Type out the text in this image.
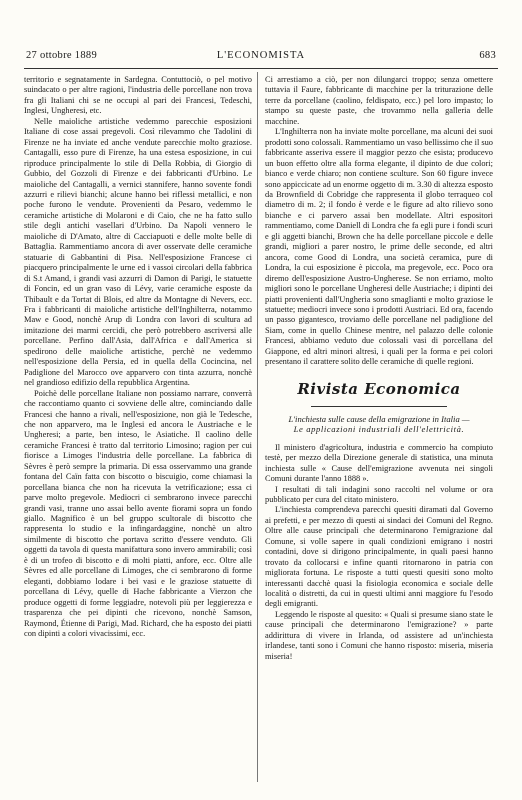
27 ottobre 1889	L'ECONOMISTA	683

territorio e segnatamente in Sardegna. Contuttociò, o pel motivo suindacato o per altre ragioni, l'industria delle porcellane non trova fra gli Italiani chi se ne occupi al pari dei Francesi, Tedeschi, Inglesi, Ungheresi, etc.

Nelle maioliche artistiche vedemmo parecchie esposizioni Italiane di cose assai pregevoli. Così rilevammo che Tadolini di Firenze ne ha inviate ed anche vendute parecchie molto graziose. Cantagalli, esso pure di Firenze, ha una estesa esposizione, in cui riproduce principalmente lo stile di Della Robbia, di Giorgio di Gubbio, del Gozzoli di Firenze e dei fabbricanti d'Urbino. Le maioliche del Cantagalli, a vernici stannifere, hanno sovente fondi azzurri e rilievi bianchi; alcune hanno bei riflessi metallici, e non poche furono le vendute. Provenienti da Pesaro, vedemmo le ceramiche artistiche di Molaroni e di Caio, che ne ha fatto sullo stile degli antichi vasellari d'Urbino. Da Napoli vennero le maioliche di D'Amato, altre di Cacciapuoti e delle molte belle di Battaglia. Rammentiamo ancora di aver osservate delle ceramiche statuarie di Gabbantini di Pisa. Nell'esposizione Francese ci piacquero principalmente le urne ed i vassoi circolari della fabbrica di S.t Amand, i grandi vasi azzurri di Damon di Parigi, le statuette di Foncin, ed un gran vaso di Lévy, varie ceramiche esposte da Thibault e da Tortat di Blois, ed altre da Montagne di Nevers, ecc. Fra i fabbricanti di maioliche artistiche dell'Inghilterra, notammo Maw e Good, nonchè Arup di Londra con lavori di scultura ad imitazione dei marmi cercidi, che però potrebbero ascriversi alle porcellane. Perfino dall'Asia, dall'Africa e dall'America si spedirono delle maioliche artistiche, perchè ne vedemmo nell'esposizione della Persia, ed in quella della Cocincina, nel Padiglione del Marocco ove apparvero con tinta azzurra, nonchè nel grandioso edifizio della repubblica Argentina.

Poichè delle porcellane Italiane non possiamo narrare, converrà che raccontiamo quanto ci sovviene delle altre, cominciando dalle Francesi che hanno a rivali, nell'esposizione, non già le Tedesche, che non apparvero, ma le Inglesi ed ancora le Austriache e le Ungheresi; a parte, ben inteso, le Asiatiche. Il caolino delle ceramiche Francesi è tratto dal territorio Limosino; ragion per cui fiorisce a Limoges l'industria delle porcellane. La fabbrica di Sèvres è però sempre la primaria. Di essa osservammo una grande fontana del Caïn fatta con biscotto o biscuigio, come chiamasi la porcellana bianca che non ha ricevuta la vetrificazione; essa ci parve molto pregevole. Mediocri ci sembrarono invece parecchi grandi vasi, tranne uno assai bello avente fiorami sopra un fondo giallo. Magnifico è un bel gruppo scultorale di biscotto che rappresenta lo studio e la infingardaggine, nonchè un altro similmente di biscotto che portava scritto d'essere venduto. Gli oggetti da tavola di questa manifattura sono invero ammirabili; così è di un trofeo di biscotto e di molti piatti, anfore, ecc. Oltre alle Sèvres ed alle porcellane di Limoges, che ci sembrarono di forme eleganti, dobbiamo lodare i bei vasi e le graziose statuette di porcellana di Lévy, quelle di Hache fabbricante a Vierzon che produce oggetti di forme leggiadre, notevoli più per leggierezza e trasparenza che pei dipinti che ricevono, nonchè Samson, Raymond, Étienne di Parigi, Mad. Richard, che ha esposto dei piatti con dipinti a colori vivacissimi, ecc.

Ci arrestiamo a ciò, per non dilungarci troppo; senza omettere tuttavia il Faure, fabbricante di macchine per la triturazione delle terre da porcellane (caolino, feldispato, ecc.) pel loro impasto; lo stampo su queste paste, che trovammo nella galleria delle macchine.

L'Inghilterra non ha inviate molte porcellane, ma alcuni dei suoi prodotti sono colossali. Rammentiamo un vaso bellissimo che il suo fabbricante asseriva essere il maggior pezzo che esista; producevo un buon effetto oltre alla forma elegante, il dipinto de due colori; bianco e verde chiaro; non contiene sculture. Son 60 figure invece sono appiccicate ad un enorme oggetto di m. 3.30 di altezza esposto da Brownfield di Cobridge che rappresenta il globo terraqueo col diametro di m. 2; il fondo è verde e le figure ad alto rilievo sono bianche e ci parvero assai ben modellate. Altri espositori rammentiamo, come Daniell di Londra che fa egli pure i fondi scuri e gli aggetti bianchi, Brown che ha delle porcellane piccole e delle grandi, migliori a parer nostro, le prime delle seconde, ed altri ancora, come Good di Londra, una società ceramica, pure di Londra, la cui esposizione è piccola, ma pregevole, ecc. Poco ora diremo dell'esposizione Austro-Ungherese. Se non erriamo, molto migliori sono le porcellane Ungheresi delle Austriache; i dipinti dei piatti provenienti dall'Ungheria sono smaglianti e molto graziose le statuette; mediocri invece sono i prodotti Austriaci. Ed ora, facendo un passo gigantesco, troviamo delle porcellane nel padiglione del Siam, come in quello Chinese mentre, nel palazzo delle colonie Francesi, abbiamo veduto due colossali vasi di porcellana del Giappone, ed altri minori altresì, i quali per la forma e pei colori presentano il carattere solito delle ceramiche di quelle regioni.

Rivista Economica
L'inchiesta sulle cause della emigrazione in Italia —
Le applicazioni industriali dell'elettricità.

Il ministero d'agricoltura, industria e commercio ha compiuto testè, per mezzo della Direzione generale di statistica, una minuta inchiesta sulle « Cause dell'emigrazione avvenuta nei singoli Comuni durante l'anno 1888 ».

I resultati di tali indagini sono raccolti nel volume or ora pubblicato per cura del citato ministero.

L'inchiesta comprendeva parecchi quesiti diramati dal Governo ai prefetti, e per mezzo di questi ai sindaci dei Comuni del Regno. Oltre alle cause principali che determinarono l'emigrazione dal Comune, si volle sapere in quali condizioni emigrano i nostri contadini, dove si dirigono principalmente, in quali paesi hanno trovato da collocarsi e infine quanti ritornarono in patria con migliorata fortuna. Le risposte a tutti questi quesiti sono molto interessanti dacchè quasi la fisiologia economica e sociale delle località o distretti, da cui in questi ultimi anni maggiore fu l'esodo degli emigranti.

Leggendo le risposte al quesito: « Quali si presume siano state le cause principali che determinarono l'emigrazione? » parte addirittura di vivere in Irlanda, od assistere ad un'inchiesta irlandese, tanti sono i Comuni che hanno risposto: miseria, miseria miseria!
